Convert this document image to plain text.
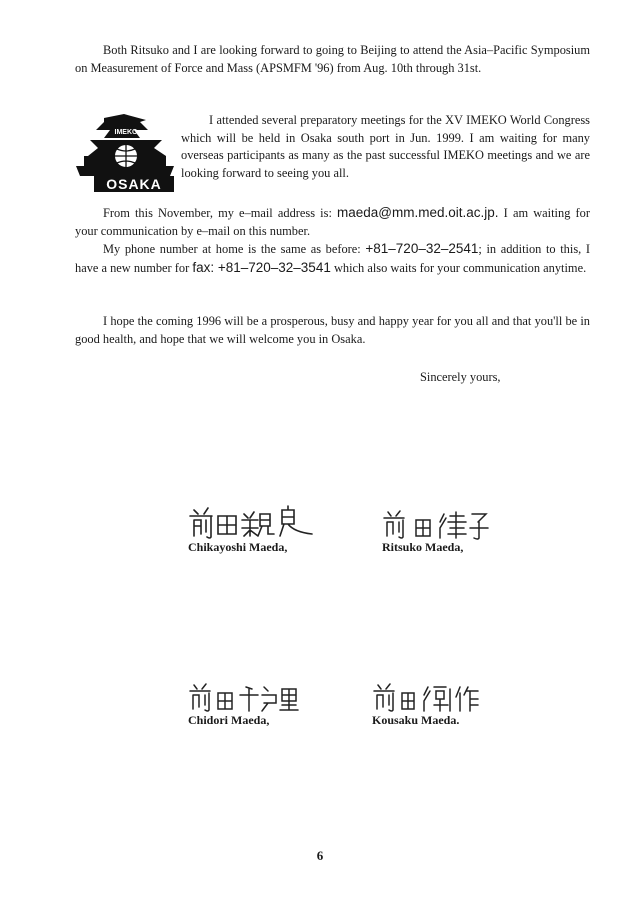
Both Ritsuko and I are looking forward to going to Beijing to attend the Asia–Pacific Symposium on Measurement of Force and Mass (APSMFM '96) from Aug. 10th through 31st.

IMEKO
OSAKA

I attended several preparatory meetings for the XV IMEKO World Congress which will be held in Osaka south port in Jun. 1999. I am waiting for many overseas participants as many as the past successful IMEKO meetings and we are looking forward to seeing you all.

From this November, my e–mail address is: maeda@mm.med.oit.ac.jp. I am waiting for your communication by e–mail on this number.

My phone number at home is the same as before: +81–720–32–2541; in addition to this, I have a new number for fax: +81–720–32–3541 which also waits for your communication anytime.

I hope the coming 1996 will be a prosperous, busy and happy year for you all and that you'll be in good health, and hope that we will welcome you in Osaka.

Sincerely yours,
Chikayoshi Maeda,	Ritsuko Maeda,
Chidori Maeda,	Kousaku Maeda.
6
